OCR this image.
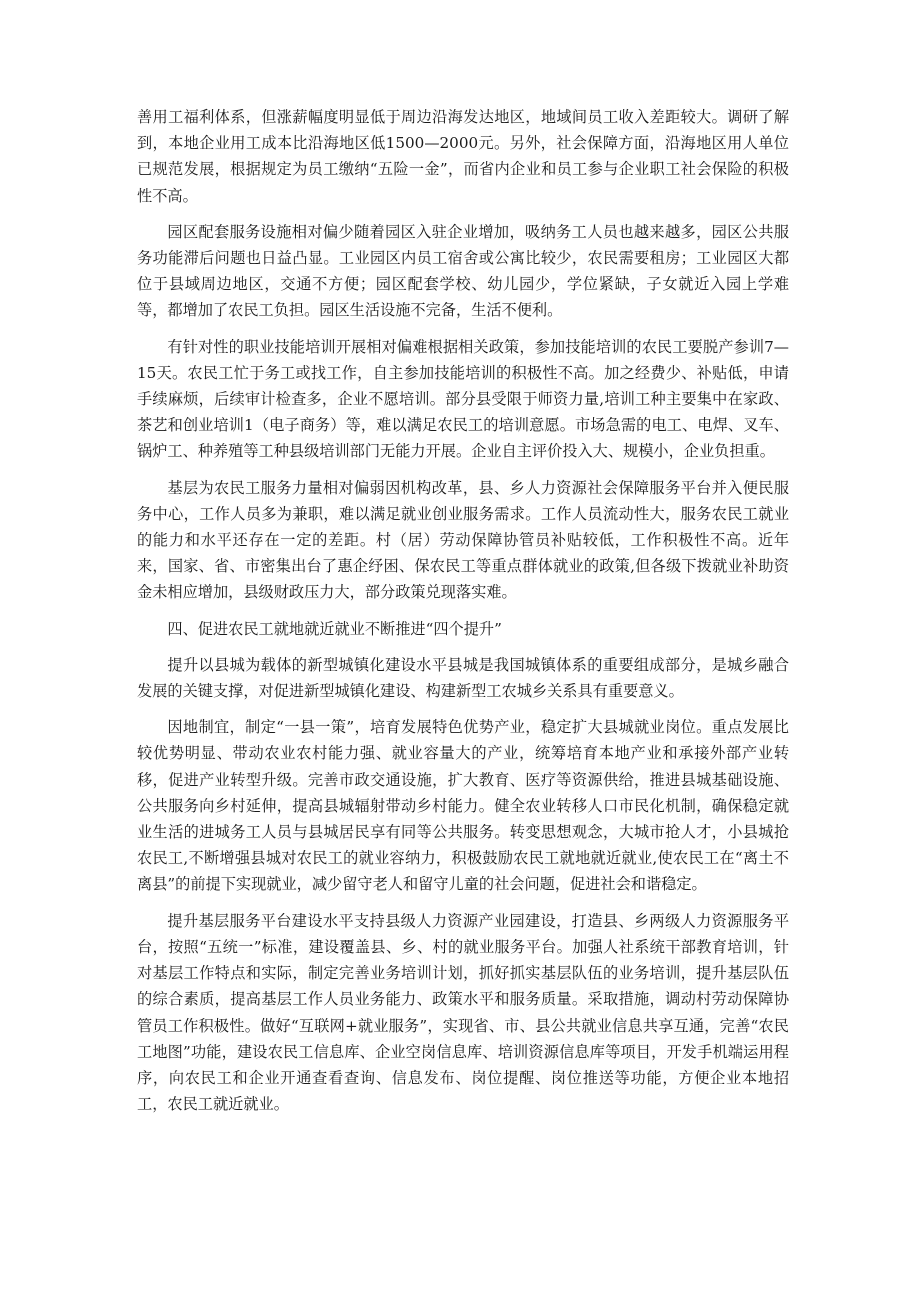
善用工福利体系，但涨薪幅度明显低于周边沿海发达地区，地域间员工收入差距较大。调研了解到，本地企业用工成本比沿海地区低1500—2000元。另外，社会保障方面，沿海地区用人单位已规范发展，根据规定为员工缴纳“五险一金”，而省内企业和员工参与企业职工社会保险的积极性不高。

园区配套服务设施相对偏少随着园区入驻企业增加，吸纳务工人员也越来越多，园区公共服务功能滞后问题也日益凸显。工业园区内员工宿舍或公寓比较少，农民需要租房；工业园区大都位于县域周边地区，交通不方便；园区配套学校、幼儿园少，学位紧缺，子女就近入园上学难等，都增加了农民工负担。园区生活设施不完备，生活不便利。

有针对性的职业技能培训开展相对偏难根据相关政策，参加技能培训的农民工要脱产参训7—15天。农民工忙于务工或找工作，自主参加技能培训的积极性不高。加之经费少、补贴低，申请手续麻烦，后续审计检查多，企业不愿培训。部分县受限于师资力量,培训工种主要集中在家政、茶艺和创业培训1（电子商务）等，难以满足农民工的培训意愿。市场急需的电工、电焊、叉车、锅炉工、种养殖等工种县级培训部门无能力开展。企业自主评价投入大、规模小，企业负担重。

基层为农民工服务力量相对偏弱因机构改革，县、乡人力资源社会保障服务平台并入便民服务中心，工作人员多为兼职，难以满足就业创业服务需求。工作人员流动性大，服务农民工就业的能力和水平还存在一定的差距。村（居）劳动保障协管员补贴较低，工作积极性不高。近年来，国家、省、市密集出台了惠企纾困、保农民工等重点群体就业的政策,但各级下拨就业补助资金未相应增加，县级财政压力大，部分政策兑现落实难。

四、促进农民工就地就近就业不断推进“四个提升”

提升以县城为载体的新型城镇化建设水平县城是我国城镇体系的重要组成部分，是城乡融合发展的关键支撑，对促进新型城镇化建设、构建新型工农城乡关系具有重要意义。

因地制宜，制定“一县一策”，培育发展特色优势产业，稳定扩大县城就业岗位。重点发展比较优势明显、带动农业农村能力强、就业容量大的产业，统筹培育本地产业和承接外部产业转移，促进产业转型升级。完善市政交通设施，扩大教育、医疗等资源供给，推进县城基础设施、公共服务向乡村延伸，提高县城辐射带动乡村能力。健全农业转移人口市民化机制，确保稳定就业生活的进城务工人员与县城居民享有同等公共服务。转变思想观念，大城市抢人才，小县城抢农民工,不断增强县城对农民工的就业容纳力，积极鼓励农民工就地就近就业,使农民工在“离土不离县”的前提下实现就业，减少留守老人和留守儿童的社会问题，促进社会和谐稳定。

提升基层服务平台建设水平支持县级人力资源产业园建设，打造县、乡两级人力资源服务平台，按照“五统一”标准，建设覆盖县、乡、村的就业服务平台。加强人社系统干部教育培训，针对基层工作特点和实际，制定完善业务培训计划，抓好抓实基层队伍的业务培训，提升基层队伍的综合素质，提高基层工作人员业务能力、政策水平和服务质量。采取措施，调动村劳动保障协管员工作积极性。做好“互联网+就业服务”，实现省、市、县公共就业信息共享互通，完善“农民工地图”功能，建设农民工信息库、企业空岗信息库、培训资源信息库等项目，开发手机端运用程序，向农民工和企业开通查看查询、信息发布、岗位提醒、岗位推送等功能，方便企业本地招工，农民工就近就业。
